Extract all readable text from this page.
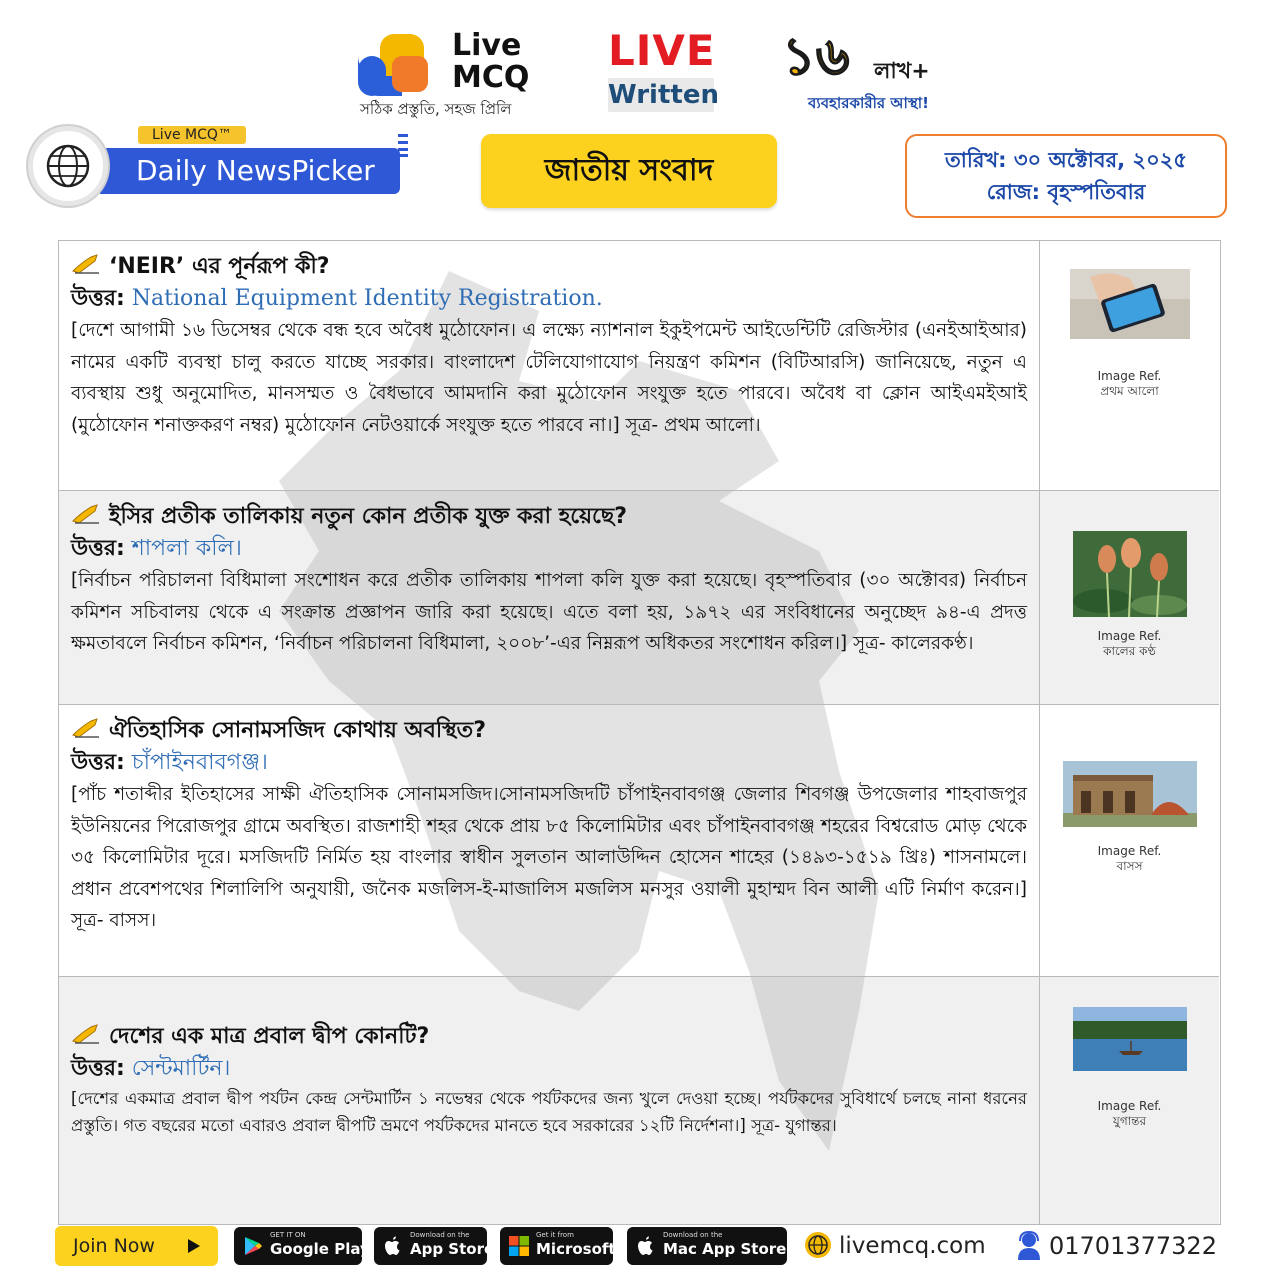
Live
MCQ
সঠিক প্রস্তুতি, সহজ প্রিলি
LIVE
Written
১৬ লাখ+
ব্যবহারকারীর আস্থা!
Daily NewsPicker
Live MCQ™
জাতীয় সংবাদ	তারিখ: ৩০ অক্টোবর, ২০২৫
রোজ: বৃহস্পতিবার
‘NEIR’ এর পূর্নরূপ কী?
উত্তর: National Equipment Identity Registration.
[দেশে আগামী ১৬ ডিসেম্বর থেকে বন্ধ হবে অবৈধ মুঠোফোন। এ লক্ষ্যে ন্যাশনাল ইকুইপমেন্ট আইডেন্টিটি রেজিস্টার (এনইআইআর) নামের একটি ব্যবস্থা চালু করতে যাচ্ছে সরকার। বাংলাদেশ টেলিযোগাযোগ নিয়ন্ত্রণ কমিশন (বিটিআরসি) জানিয়েছে, নতুন এ ব্যবস্থায় শুধু অনুমোদিত, মানসম্মত ও বৈধভাবে আমদানি করা মুঠোফোন সংযুক্ত হতে পারবে। অবৈধ বা ক্লোন আইএমইআই (মুঠোফোন শনাক্তকরণ নম্বর) মুঠোফোন নেটওয়ার্কে সংযুক্ত হতে পারবে না।] সূত্র- প্রথম আলো।
Image Ref.
প্রথম আলো
ইসির প্রতীক তালিকায় নতুন কোন প্রতীক যুক্ত করা হয়েছে?
উত্তর: শাপলা কলি।
[নির্বাচন পরিচালনা বিধিমালা সংশোধন করে প্রতীক তালিকায় শাপলা কলি যুক্ত করা হয়েছে। বৃহস্পতিবার (৩০ অক্টোবর) নির্বাচন কমিশন সচিবালয় থেকে এ সংক্রান্ত প্রজ্ঞাপন জারি করা হয়েছে। এতে বলা হয়, ১৯৭২ এর সংবিধানের অনুচ্ছেদ ৯৪-এ প্রদত্ত ক্ষমতাবলে নির্বাচন কমিশন, ‘নির্বাচন পরিচালনা বিধিমালা, ২০০৮’-এর নিম্নরূপ অধিকতর সংশোধন করিল।] সূত্র- কালেরকণ্ঠ।	Image Ref.
কালের কণ্ঠ
ঐতিহাসিক সোনামসজিদ কোথায় অবস্থিত?
উত্তর: চাঁপাইনবাবগঞ্জ।
[পাঁচ শতাব্দীর ইতিহাসের সাক্ষী ঐতিহাসিক সোনামসজিদ।সোনামসজিদটি চাঁপাইনবাবগঞ্জ জেলার শিবগঞ্জ উপজেলার শাহবাজপুর ইউনিয়নের পিরোজপুর গ্রামে অবস্থিত। রাজশাহী শহর থেকে প্রায় ৮৫ কিলোমিটার এবং চাঁপাইনবাবগঞ্জ শহরের বিশ্বরোড মোড় থেকে ৩৫ কিলোমিটার দূরে। মসজিদটি নির্মিত হয় বাংলার স্বাধীন সুলতান আলাউদ্দিন হোসেন শাহের (১৪৯৩-১৫১৯ খ্রিঃ) শাসনামলে। প্রধান প্রবেশপথের শিলালিপি অনুযায়ী, জনৈক মজলিস-ই-মাজালিস মজলিস মনসুর ওয়ালী মুহাম্মদ বিন আলী এটি নির্মাণ করেন।] সূত্র- বাসস।
Image Ref.
বাসস
দেশের এক মাত্র প্রবাল দ্বীপ কোনটি?
উত্তর: সেন্টমার্টিন।
[দেশের একমাত্র প্রবাল দ্বীপ পর্যটন কেন্দ্র সেন্টমার্টিন ১ নভেম্বর থেকে পর্যটকদের জন্য খুলে দেওয়া হচ্ছে। পর্যটকদের সুবিধার্থে চলছে নানা ধরনের প্রস্তুতি। গত বছরের মতো এবারও প্রবাল দ্বীপটি ভ্রমণে পর্যটকদের মানতে হবে সরকারের ১২টি নির্দেশনা।] সূত্র- যুগান্তর।
Image Ref.
যুগান্তর
Join Now	GET IT ON
Google Play
Download on the
App Store
Get it from
Microsoft
Download on the
Mac App Store	livemcq.com	01701377322
